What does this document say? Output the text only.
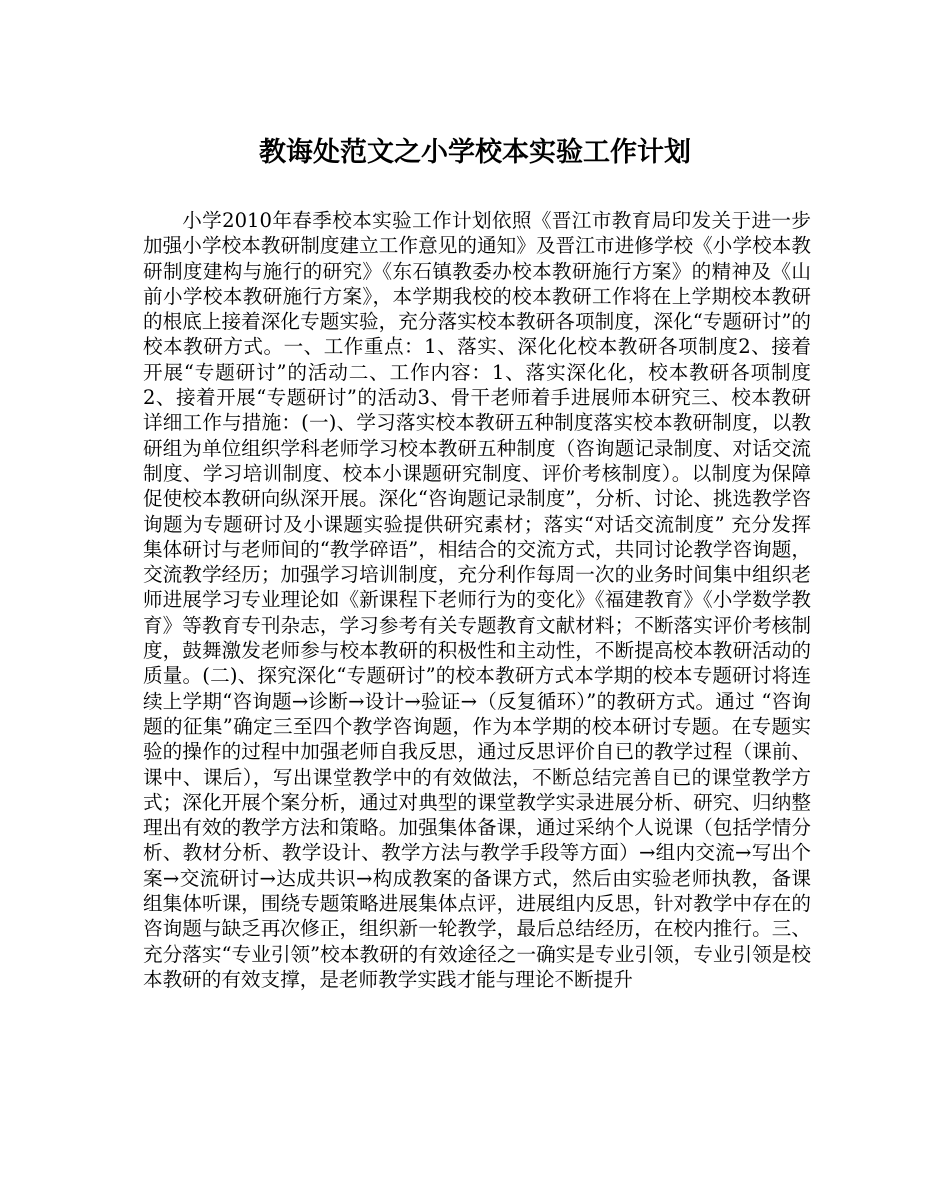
教诲处范文之小学校本实验工作计划

小学2010年春季校本实验工作计划依照《晋江市教育局印发关于进一步加强小学校本教研制度建立工作意见的通知》及晋江市进修学校《小学校本教研制度建构与施行的研究》《东石镇教委办校本教研施行方案》的精神及《山前小学校本教研施行方案》，本学期我校的校本教研工作将在上学期校本教研的根底上接着深化专题实验，充分落实校本教研各项制度，深化“专题研讨”的校本教研方式。一、工作重点：1、落实、深化化校本教研各项制度2、接着开展“专题研讨”的活动二、工作内容：1、落实深化化，校本教研各项制度2、接着开展“专题研讨”的活动3、骨干老师着手进展师本研究三、校本教研详细工作与措施：(一)、学习落实校本教研五种制度落实校本教研制度，以教研组为单位组织学科老师学习校本教研五种制度（咨询题记录制度、对话交流制度、学习培训制度、校本小课题研究制度、评价考核制度）。以制度为保障促使校本教研向纵深开展。深化“咨询题记录制度”，分析、讨论、挑选教学咨询题为专题研讨及小课题实验提供研究素材；落实“对话交流制度” 充分发挥集体研讨与老师间的“教学碎语”，相结合的交流方式，共同讨论教学咨询题，交流教学经历；加强学习培训制度，充分利作每周一次的业务时间集中组织老师进展学习专业理论如《新课程下老师行为的变化》《福建教育》《小学数学教育》等教育专刊杂志，学习参考有关专题教育文献材料；不断落实评价考核制度，鼓舞激发老师参与校本教研的积极性和主动性，不断提高校本教研活动的质量。(二)、探究深化“专题研讨”的校本教研方式本学期的校本专题研讨将连续上学期“咨询题→诊断→设计→验证→（反复循环）”的教研方式。通过 “咨询题的征集”确定三至四个教学咨询题，作为本学期的校本研讨专题。在专题实验的操作的过程中加强老师自我反思，通过反思评价自已的教学过程（课前、课中、课后），写出课堂教学中的有效做法，不断总结完善自已的课堂教学方式；深化开展个案分析，通过对典型的课堂教学实录进展分析、研究、归纳整理出有效的教学方法和策略。加强集体备课，通过采纳个人说课（包括学情分析、教材分析、教学设计、教学方法与教学手段等方面）→组内交流→写出个案→交流研讨→达成共识→构成教案的备课方式，然后由实验老师执教，备课组集体听课，围绕专题策略进展集体点评，进展组内反思，针对教学中存在的咨询题与缺乏再次修正，组织新一轮教学，最后总结经历，在校内推行。三、充分落实“专业引领”校本教研的有效途径之一确实是专业引领，专业引领是校本教研的有效支撑，是老师教学实践才能与理论不断提升
